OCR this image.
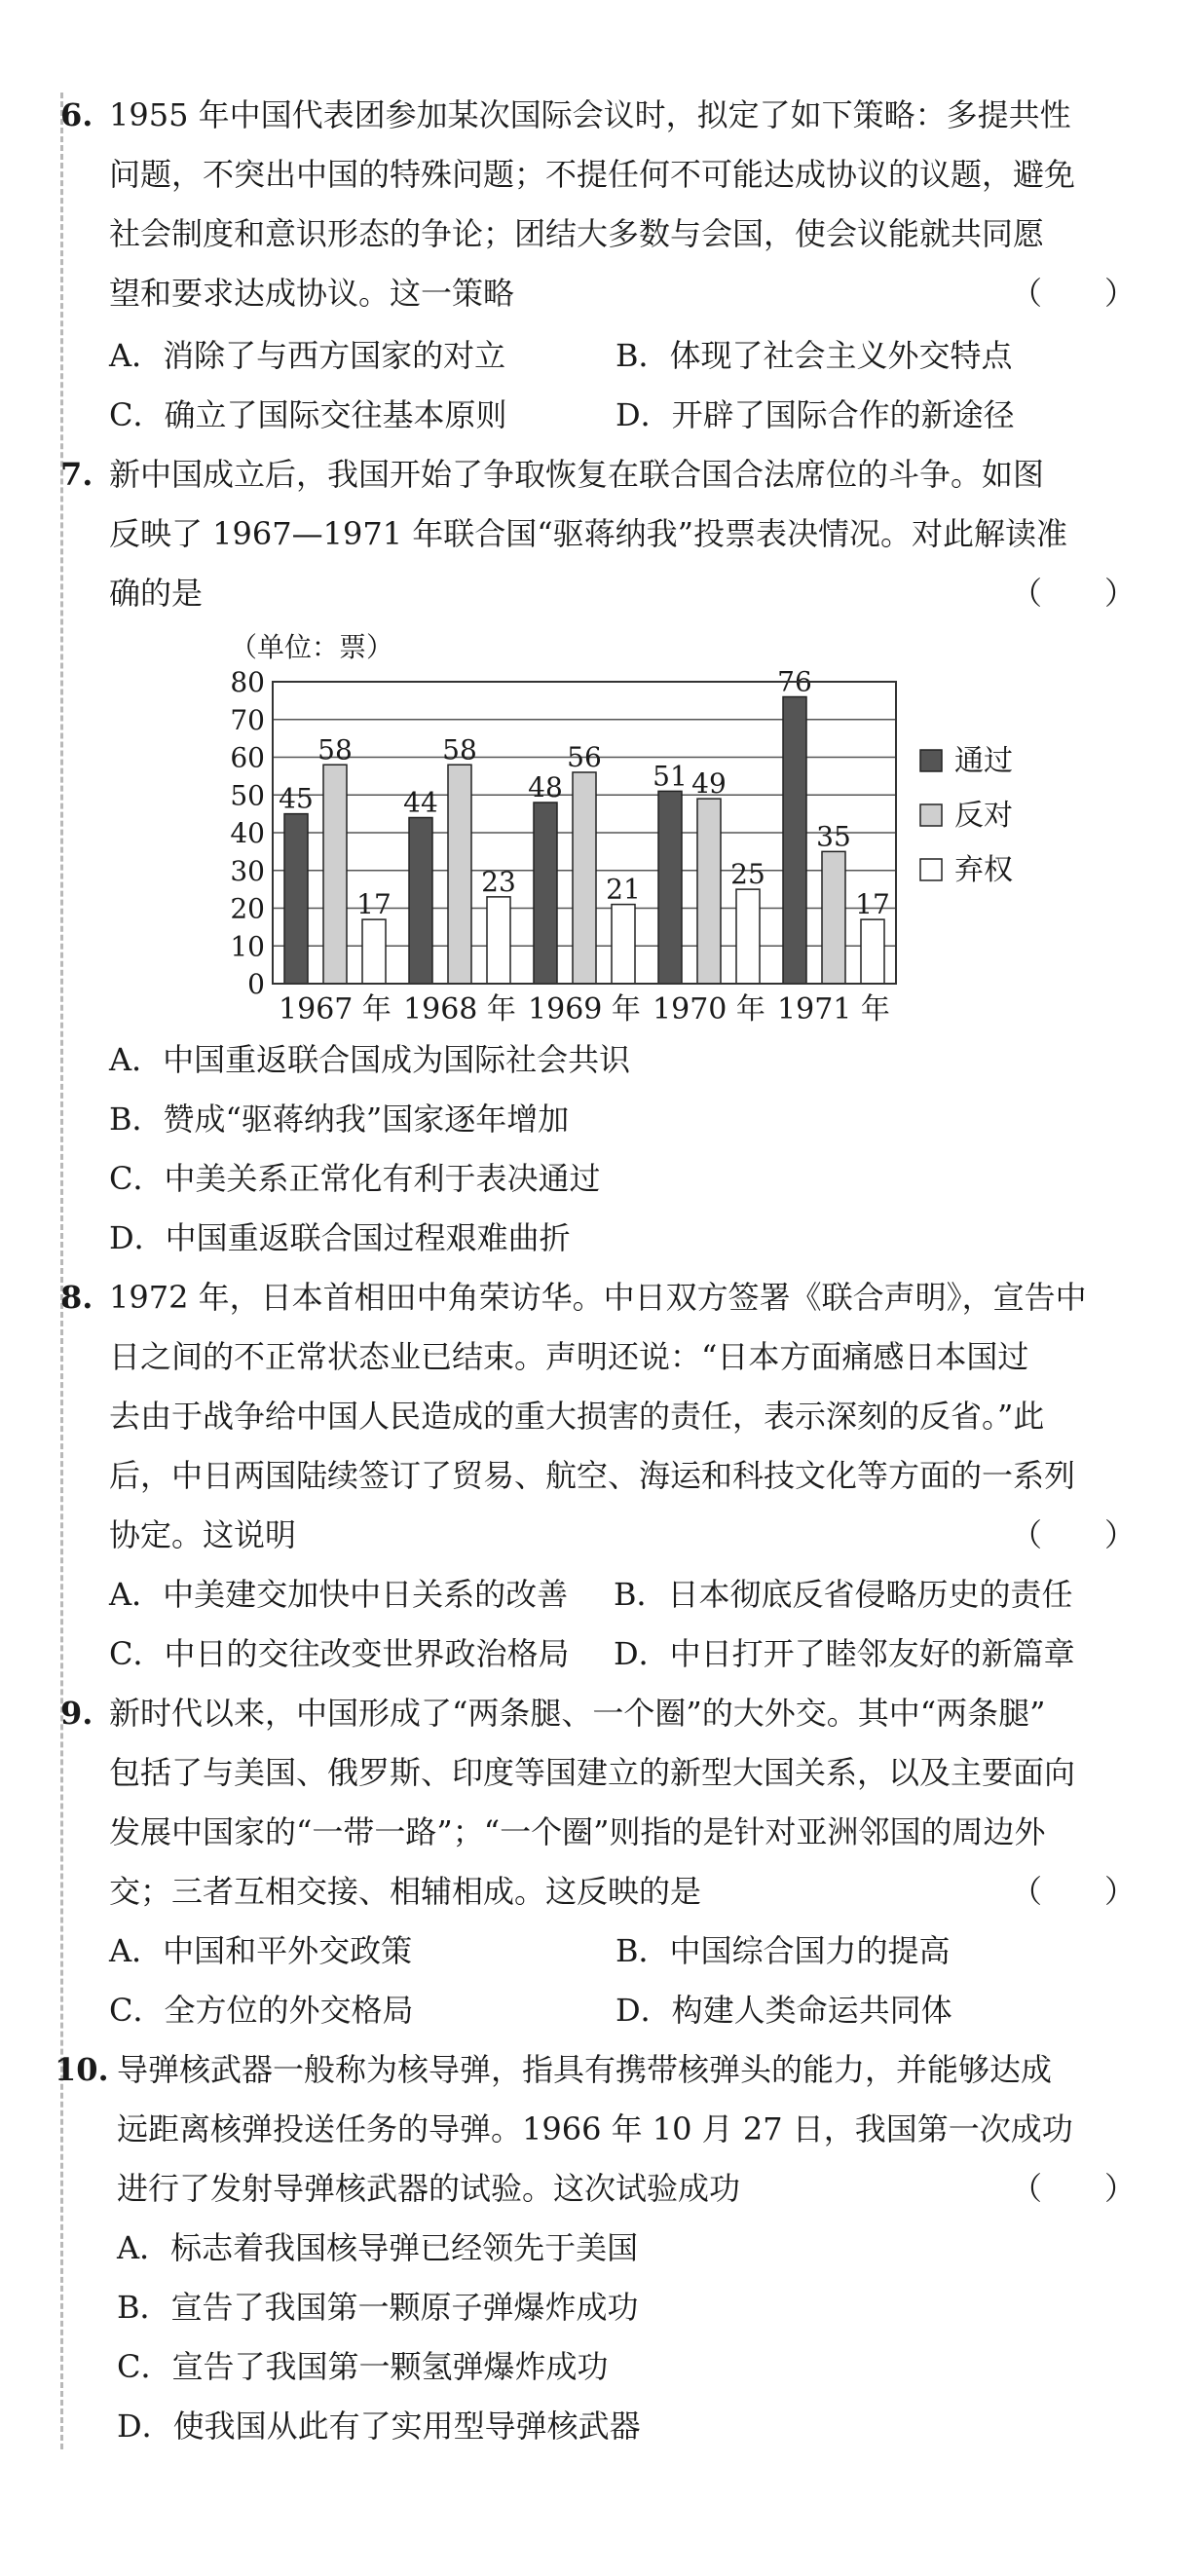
6. 1955 年中国代表团参加某次国际会议时，拟定了如下策略：多提共性
问题，不突出中国的特殊问题；不提任何不可能达成协议的议题，避免
社会制度和意识形态的争论；团结大多数与会国，使会议能就共同愿
望和要求达成协议。这一策略	（　　）
A．消除了与西方国家的对立	B．体现了社会主义外交特点
C．确立了国际交往基本原则	D．开辟了国际合作的新途径
7. 新中国成立后，我国开始了争取恢复在联合国合法席位的斗争。如图
反映了 1967—1971 年联合国“驱蒋纳我”投票表决情况。对此解读准
确的是	（　　）
（单位：票）
45
58
17
44
58
23
48
56
21
51 49
25
76
35
17
0
10
20
30
40
50
60
70
80
1967 年 1968 年 1969 年 1970 年 1971 年
通过
反对
弃权
A．中国重返联合国成为国际社会共识
B．赞成“驱蒋纳我”国家逐年增加
C．中美关系正常化有利于表决通过
D．中国重返联合国过程艰难曲折
8. 1972 年，日本首相田中角荣访华。中日双方签署《联合声明》，宣告中
日之间的不正常状态业已结束。声明还说：“日本方面痛感日本国过
去由于战争给中国人民造成的重大损害的责任，表示深刻的反省。”此
后，中日两国陆续签订了贸易、航空、海运和科技文化等方面的一系列
协定。这说明	（　　）
A．中美建交加快中日关系的改善 B．日本彻底反省侵略历史的责任
C．中日的交往改变世界政治格局 D．中日打开了睦邻友好的新篇章
9. 新时代以来，中国形成了“两条腿、一个圈”的大外交。其中“两条腿”
包括了与美国、俄罗斯、印度等国建立的新型大国关系，以及主要面向
发展中国家的“一带一路”；“一个圈”则指的是针对亚洲邻国的周边外
交；三者互相交接、相辅相成。这反映的是	（　　）
A．中国和平外交政策	B．中国综合国力的提高
C．全方位的外交格局	D．构建人类命运共同体
10. 导弹核武器一般称为核导弹，指具有携带核弹头的能力，并能够达成
远距离核弹投送任务的导弹。1966 年 10 月 27 日，我国第一次成功
进行了发射导弹核武器的试验。这次试验成功	（　　）
A．标志着我国核导弹已经领先于美国
B．宣告了我国第一颗原子弹爆炸成功
C．宣告了我国第一颗氢弹爆炸成功
D．使我国从此有了实用型导弹核武器
